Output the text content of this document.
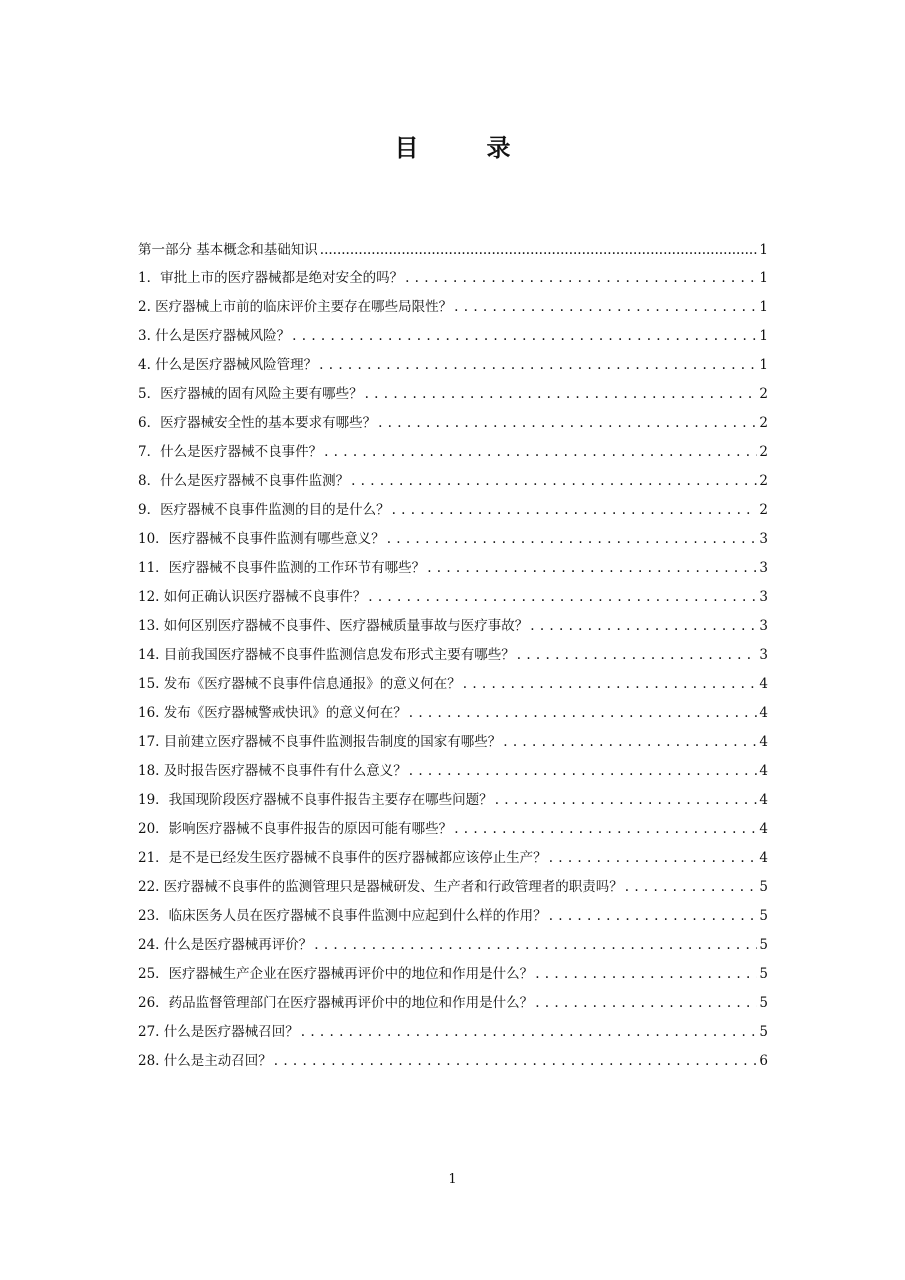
目　录
第一部分 基本概念和基础知识 .....	1
1．审批上市的医疗器械都是绝对安全的吗？ . . .	1
2. 医疗器械上市前的临床评价主要存在哪些局限性？ . . .	1
3. 什么是医疗器械风险？ . . .	1
4. 什么是医疗器械风险管理？ . . .	1
5．医疗器械的固有风险主要有哪些？ . . .	2
6．医疗器械安全性的基本要求有哪些？ . . .	2
7．什么是医疗器械不良事件？ . . .	2
8．什么是医疗器械不良事件监测？ . . .	2
9．医疗器械不良事件监测的目的是什么？ . . .	2
10．医疗器械不良事件监测有哪些意义？ . . .	3
11．医疗器械不良事件监测的工作环节有哪些？ . . .	3
12. 如何正确认识医疗器械不良事件？ . . .	3
13. 如何区别医疗器械不良事件、医疗器械质量事故与医疗事故？ . . .	3
14. 目前我国医疗器械不良事件监测信息发布形式主要有哪些？ . . .	3
15. 发布《医疗器械不良事件信息通报》的意义何在？ . . .	4
16. 发布《医疗器械警戒快讯》的意义何在？ . . .	4
17. 目前建立医疗器械不良事件监测报告制度的国家有哪些？ . . .	4
18. 及时报告医疗器械不良事件有什么意义？ . . .	4
19．我国现阶段医疗器械不良事件报告主要存在哪些问题？ . . .	4
20．影响医疗器械不良事件报告的原因可能有哪些？ . . .	4
21．是不是已经发生医疗器械不良事件的医疗器械都应该停止生产？ . . .	4
22. 医疗器械不良事件的监测管理只是器械研发、生产者和行政管理者的职责吗？ . . .	5
23．临床医务人员在医疗器械不良事件监测中应起到什么样的作用？ . . .	5
24. 什么是医疗器械再评价？ . . .	5
25．医疗器械生产企业在医疗器械再评价中的地位和作用是什么？ . . .	5
26．药品监督管理部门在医疗器械再评价中的地位和作用是什么？ . . .	5
27. 什么是医疗器械召回？ . . .	5
28. 什么是主动召回？ . . .	6
1
